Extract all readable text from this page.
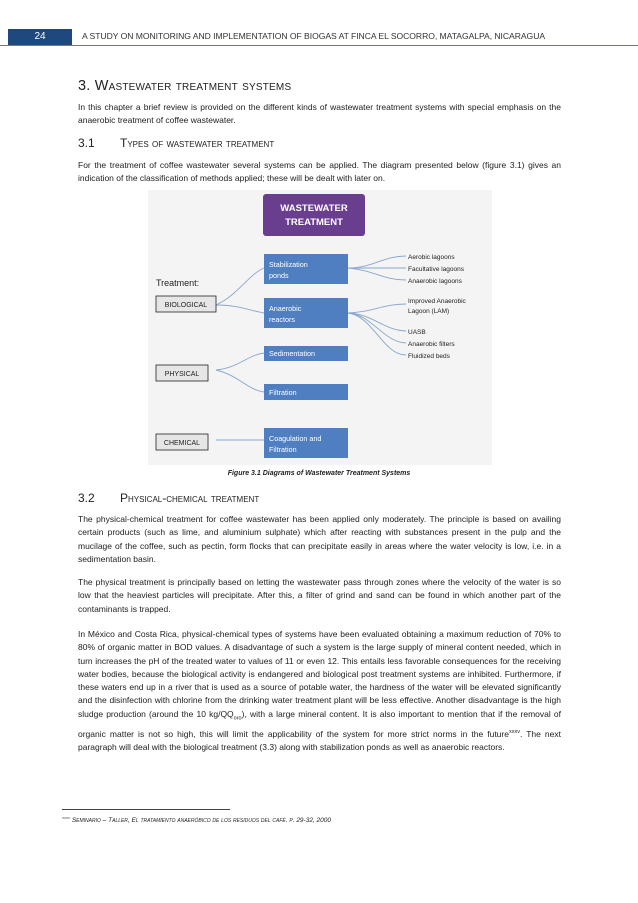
24	A STUDY ON MONITORING AND IMPLEMENTATION OF BIOGAS AT FINCA EL SOCORRO, MATAGALPA, NICARAGUA
3. Wastewater treatment systems
In this chapter a brief review is provided on the different kinds of wastewater treatment systems with special emphasis on the anaerobic treatment of coffee wastewater.
3.1 Types of wastewater treatment
For the treatment of coffee wastewater several systems can be applied. The diagram presented below (figure 3.1) gives an indication of the classification of methods applied; these will be dealt with later on.
WASTEWATER
TREATMENT
Treatment:
BIOLOGICAL
PHYSICAL
CHEMICAL
Stabilization
ponds
Anaerobic
reactors
Sedimentation
Filtration
Coagulation and
Filtration
Aerobic lagoons
Facultative lagoons
Anaerobic lagoons
Improved Anaerobic
Lagoon (LAM)
UASB
Anaerobic filters
Fluidized beds
Figure 3.1 Diagrams of Wastewater Treatment Systems
3.2 Physical-chemical treatment
The physical-chemical treatment for coffee wastewater has been applied only moderately. The principle is based on availing certain products (such as lime, and aluminium sulphate) which after reacting with substances present in the pulp and the mucilage of the coffee, such as pectin, form flocks that can precipitate easily in areas where the water velocity is low, i.e. in a sedimentation basin.
The physical treatment is principally based on letting the wastewater pass through zones where the velocity of the water is so low that the heaviest particles will precipitate. After this, a filter of grind and sand can be found in which another part of the contaminants is trapped.
In México and Costa Rica, physical-chemical types of systems have been evaluated obtaining a maximum reduction of 70% to 80% of organic matter in BOD values. A disadvantage of such a system is the large supply of mineral content needed, which in turn increases the pH of the treated water to values of 11 or even 12. This entails less favorable consequences for the receiving water bodies, because the biological activity is endangered and biological post treatment systems are inhibited. Furthermore, if these waters end up in a river that is used as a source of potable water, the hardness of the water will be elevated significantly and the disinfection with chlorine from the drinking water treatment plant will be less effective. Another disadvantage is the high sludge production (around the 10 $kg/QQ_{oro}$), with a large mineral content. It is also important to mention that if the removal of organic matter is not so high, this will limit the applicability of the system for more strict norms in the future$^{xxxv}$. The next paragraph will deal with the biological treatment (3.3) along with stabilization ponds as well as anaerobic reactors.
$^{xxxv}$ Seminario – Taller, El tratamiento anaeróbico de los residuos del café. p. 29-32, 2000
